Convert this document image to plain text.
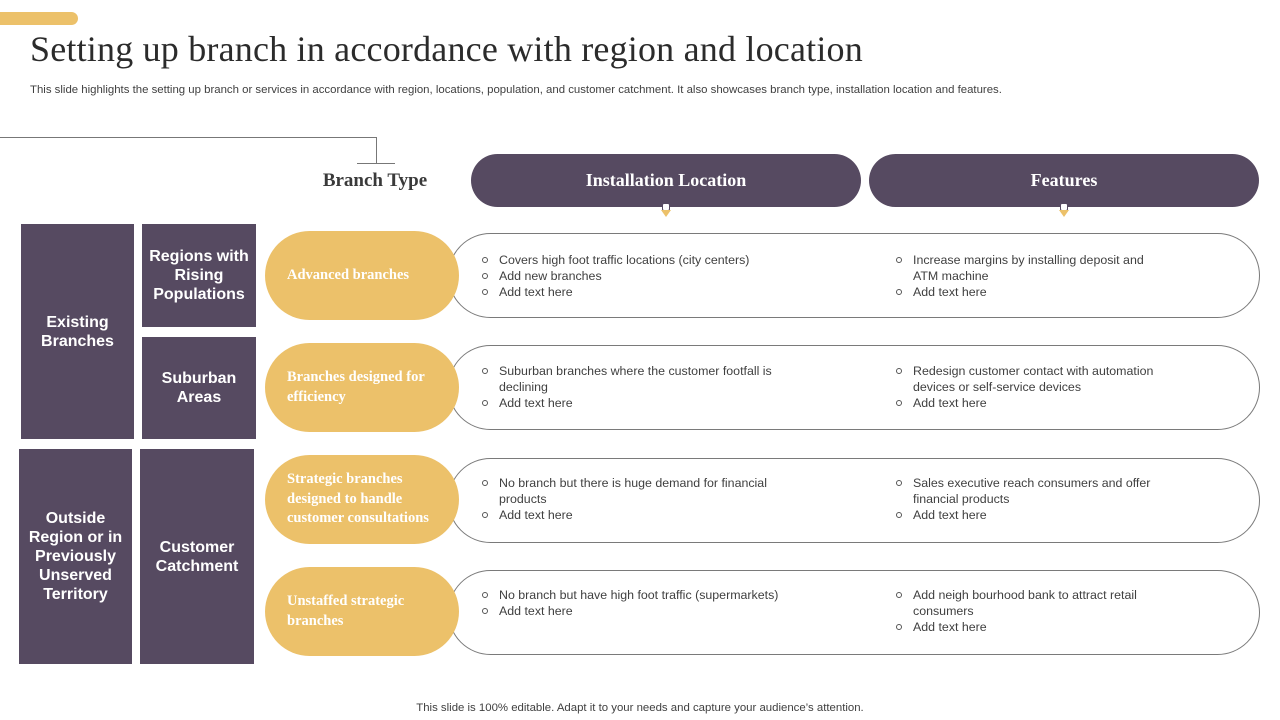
Setting up branch in accordance with region and location
This slide highlights the setting up branch or services in accordance with region, locations, population, and customer catchment. It also showcases branch type, installation location and features.
Branch Type	Installation Location	Features
Existing Branches
Outside Region or in Previously Unserved Territory
Regions with Rising Populations
Suburban Areas
Customer Catchment
Advanced branches
Covers high foot traffic locations (city centers)
Add new branches
Add text here
Increase margins by installing deposit and ATM machine
Add text here
Branches designed for efficiency
Suburban branches where the customer footfall is declining
Add text here
Redesign customer contact with automation devices or self-service devices
Add text here
Strategic branches designed to handle customer consultations
No branch but there is huge demand for financial products
Add text here
Sales executive reach consumers and offer financial products
Add text here
Unstaffed strategic branches
No branch but have high foot traffic (supermarkets)
Add text here
Add neigh bourhood bank to attract retail consumers
Add text here
This slide is 100% editable. Adapt it to your needs and capture your audience’s attention.
